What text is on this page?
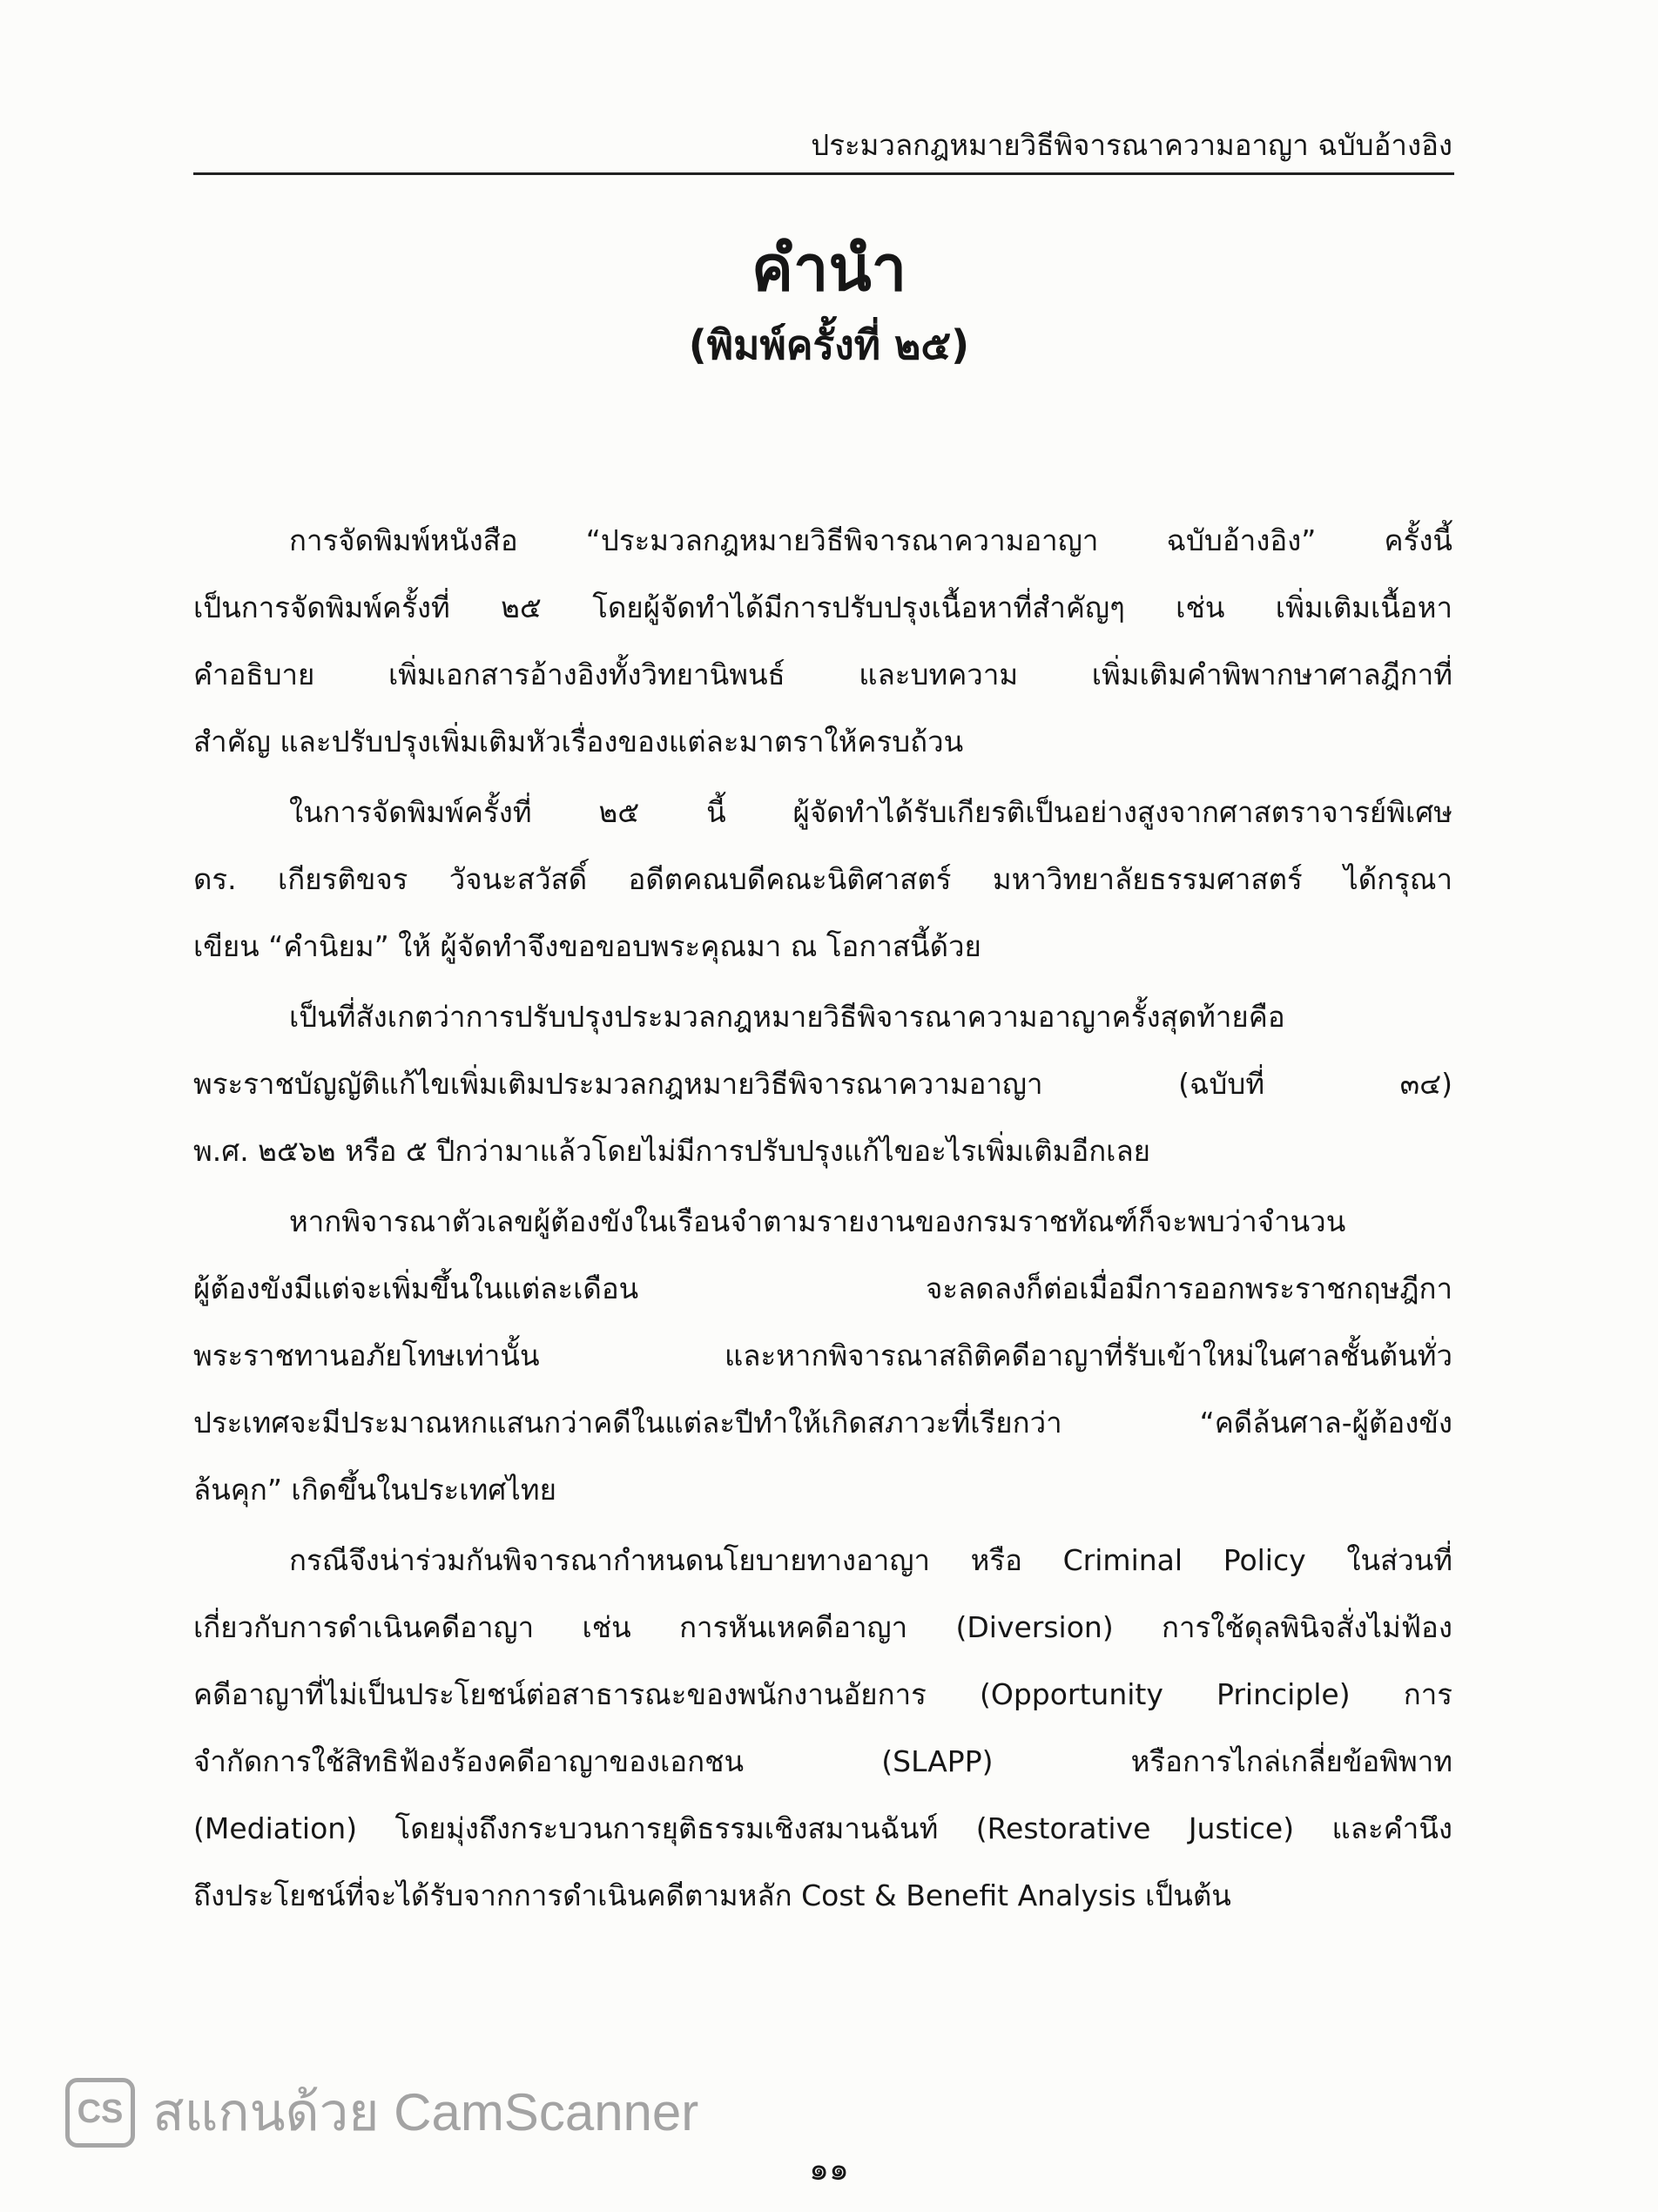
ประมวลกฎหมายวิธีพิจารณาความอาญา ฉบับอ้างอิง
คำนำ
(พิมพ์ครั้งที่ ๒๕)
การจัดพิมพ์หนังสือ “ประมวลกฎหมายวิธีพิจารณาความอาญา ฉบับอ้างอิง” ครั้งนี้
เป็นการจัดพิมพ์ครั้งที่ ๒๕ โดยผู้จัดทำได้มีการปรับปรุงเนื้อหาที่สำคัญๆ เช่น เพิ่มเติมเนื้อหา
คำอธิบาย เพิ่มเอกสารอ้างอิงทั้งวิทยานิพนธ์ และบทความ เพิ่มเติมคำพิพากษาศาลฎีกาที่
สำคัญ และปรับปรุงเพิ่มเติมหัวเรื่องของแต่ละมาตราให้ครบถ้วน
ในการจัดพิมพ์ครั้งที่ ๒๕ นี้ ผู้จัดทำได้รับเกียรติเป็นอย่างสูงจากศาสตราจารย์พิเศษ
ดร. เกียรติขจร วัจนะสวัสดิ์ อดีตคณบดีคณะนิติศาสตร์ มหาวิทยาลัยธรรมศาสตร์ ได้กรุณา
เขียน “คำนิยม” ให้ ผู้จัดทำจึงขอขอบพระคุณมา ณ โอกาสนี้ด้วย
เป็นที่สังเกตว่าการปรับปรุงประมวลกฎหมายวิธีพิจารณาความอาญาครั้งสุดท้ายคือ
พระราชบัญญัติแก้ไขเพิ่มเติมประมวลกฎหมายวิธีพิจารณาความอาญา (ฉบับที่ ๓๔)
พ.ศ. ๒๕๖๒ หรือ ๕ ปีกว่ามาแล้วโดยไม่มีการปรับปรุงแก้ไขอะไรเพิ่มเติมอีกเลย
หากพิจารณาตัวเลขผู้ต้องขังในเรือนจำตามรายงานของกรมราชทัณฑ์ก็จะพบว่าจำนวน
ผู้ต้องขังมีแต่จะเพิ่มขึ้นในแต่ละเดือน จะลดลงก็ต่อเมื่อมีการออกพระราชกฤษฎีกา
พระราชทานอภัยโทษเท่านั้น และหากพิจารณาสถิติคดีอาญาที่รับเข้าใหม่ในศาลชั้นต้นทั่ว
ประเทศจะมีประมาณหกแสนกว่าคดีในแต่ละปีทำให้เกิดสภาวะที่เรียกว่า “คดีล้นศาล-ผู้ต้องขัง
ล้นคุก” เกิดขึ้นในประเทศไทย
กรณีจึงน่าร่วมกันพิจารณากำหนดนโยบายทางอาญา หรือ Criminal Policy ในส่วนที่
เกี่ยวกับการดำเนินคดีอาญา เช่น การหันเหคดีอาญา (Diversion) การใช้ดุลพินิจสั่งไม่ฟ้อง
คดีอาญาที่ไม่เป็นประโยชน์ต่อสาธารณะของพนักงานอัยการ (Opportunity Principle) การ
จำกัดการใช้สิทธิฟ้องร้องคดีอาญาของเอกชน (SLAPP) หรือการไกล่เกลี่ยข้อพิพาท
(Mediation) โดยมุ่งถึงกระบวนการยุติธรรมเชิงสมานฉันท์ (Restorative Justice) และคำนึง
ถึงประโยชน์ที่จะได้รับจากการดำเนินคดีตามหลัก Cost & Benefit Analysis เป็นต้น
๑๑
CS สแกนด้วย CamScanner
